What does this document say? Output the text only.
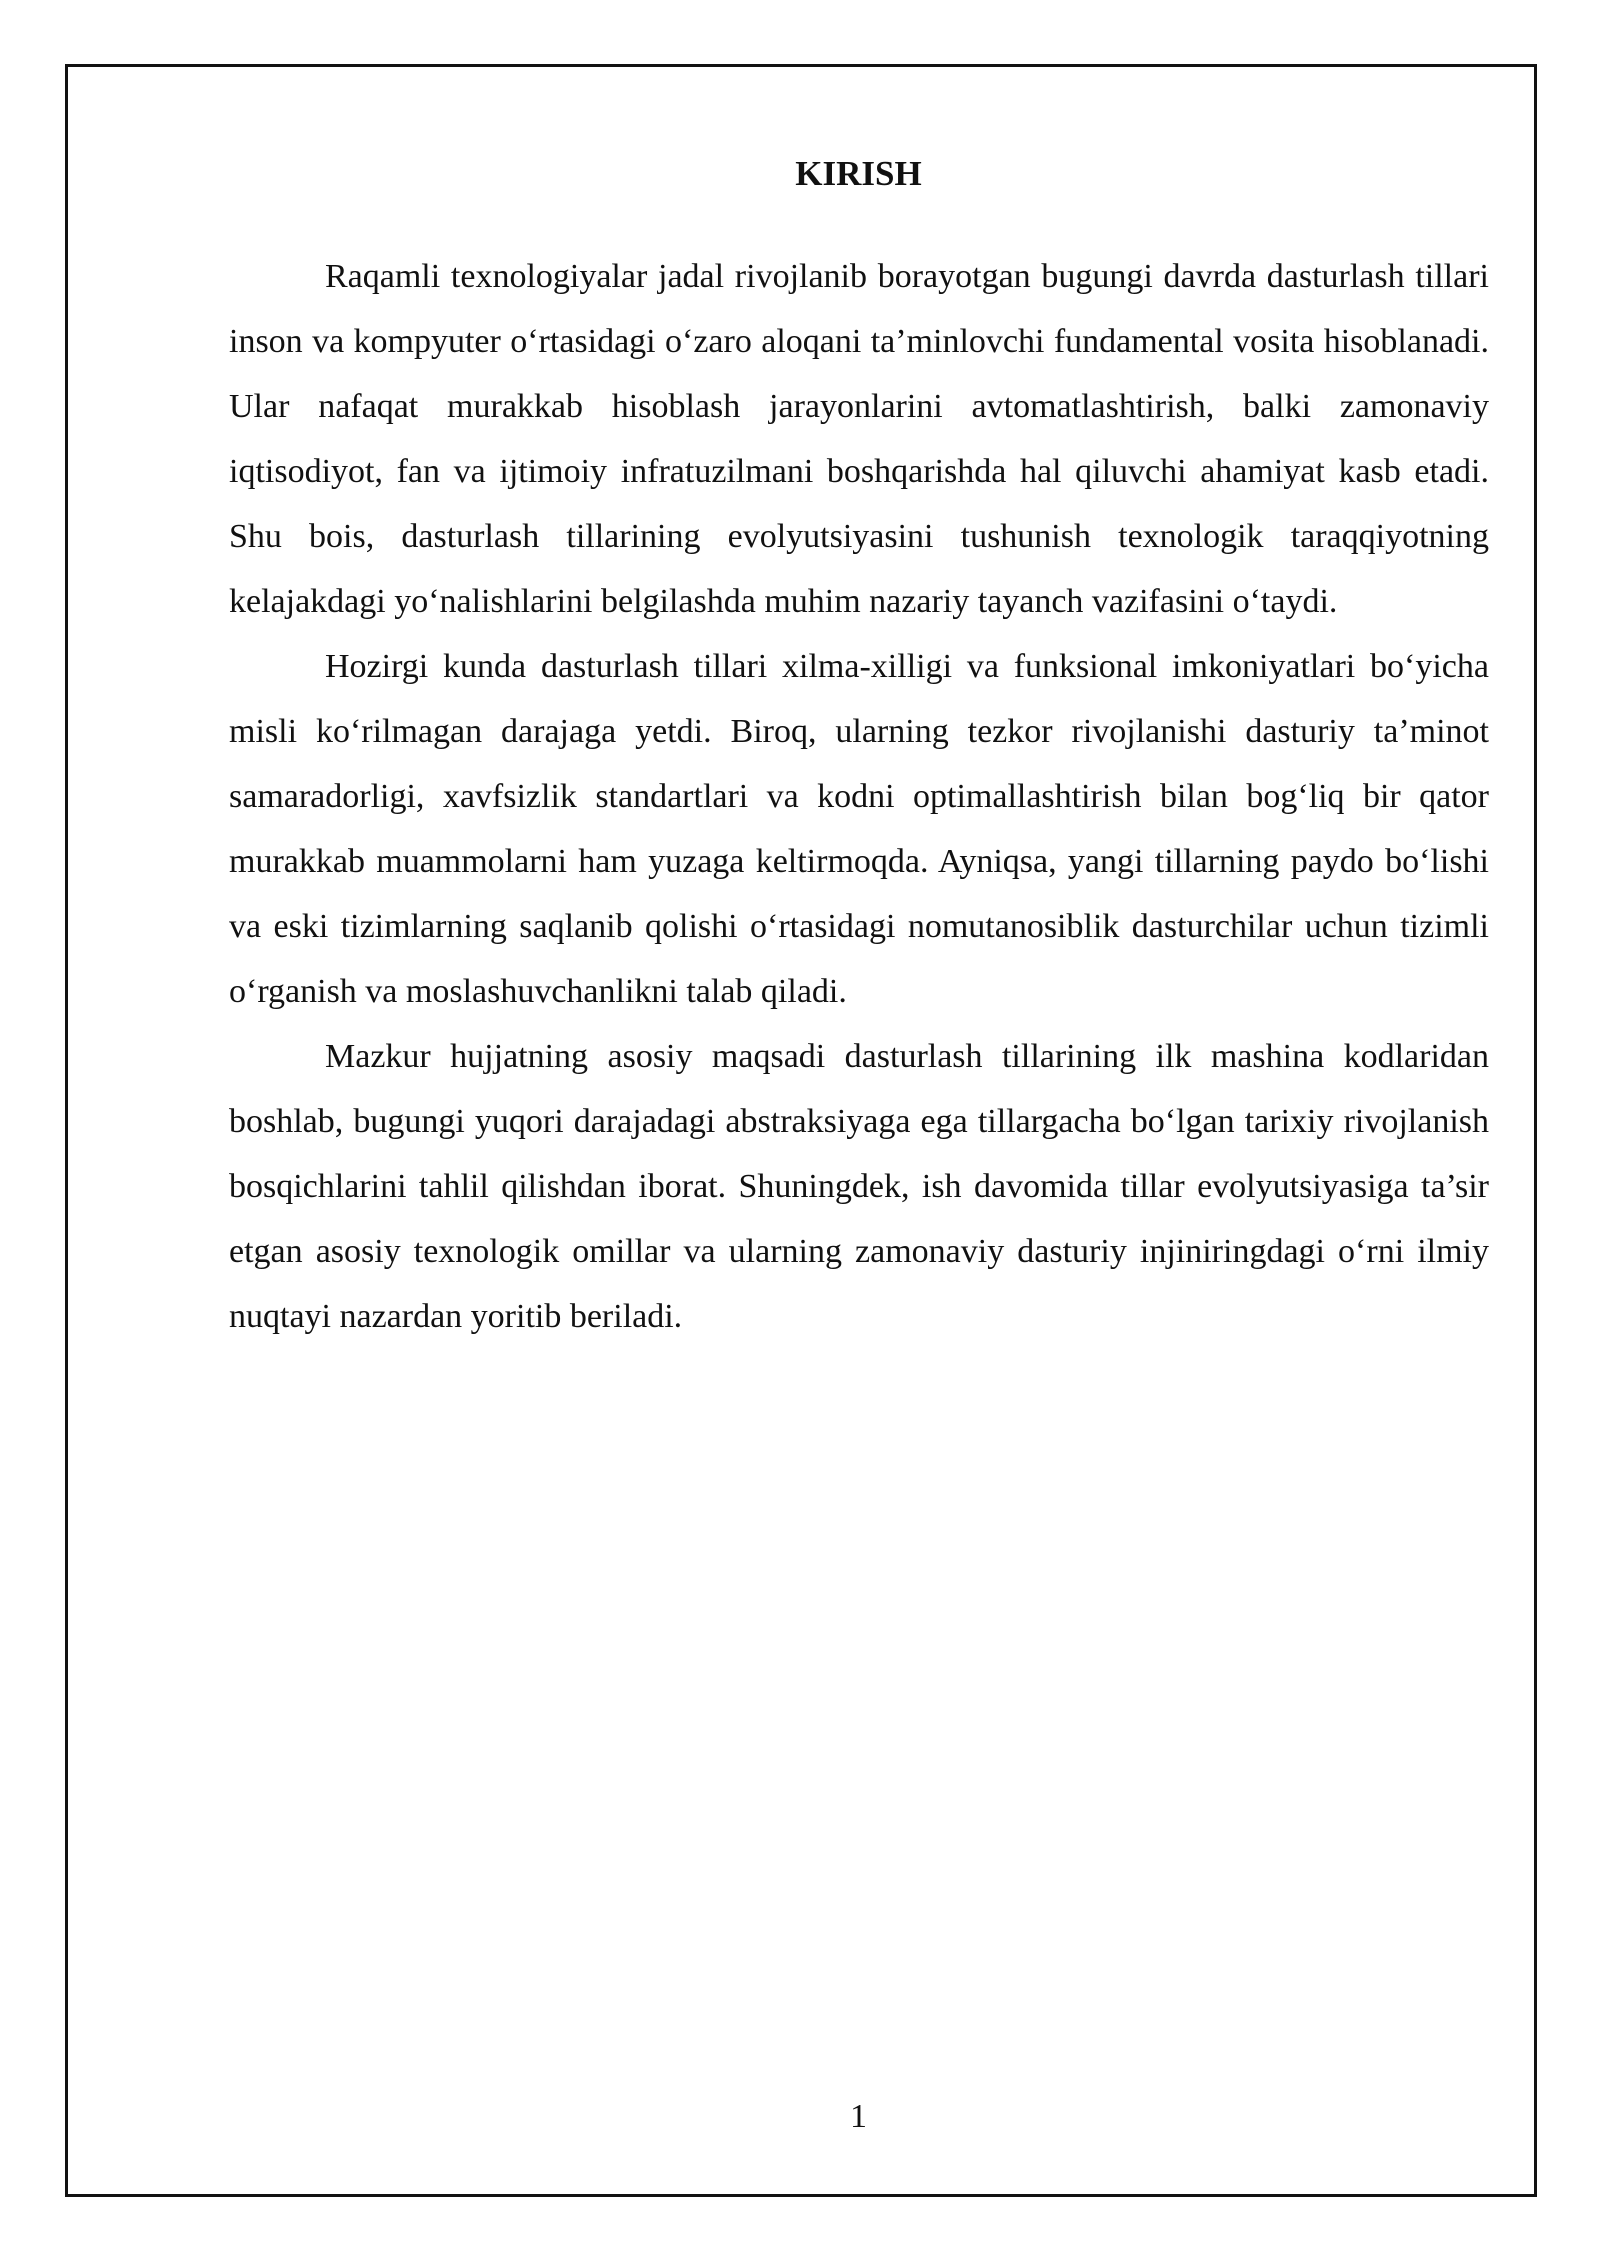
KIRISH

Raqamli texnologiyalar jadal rivojlanib borayotgan bugungi davrda dasturlash tillari inson va kompyuter o‘rtasidagi o‘zaro aloqani ta’minlovchi fundamental vosita hisoblanadi. Ular nafaqat murakkab hisoblash jarayonlarini avtomatlashtirish, balki zamonaviy iqtisodiyot, fan va ijtimoiy infratuzilmani boshqarishda hal qiluvchi ahamiyat kasb etadi. Shu bois, dasturlash tillarining evolyutsiyasini tushunish texnologik taraqqiyotning kelajakdagi yo‘nalishlarini belgilashda muhim nazariy tayanch vazifasini o‘taydi.

Hozirgi kunda dasturlash tillari xilma-xilligi va funksional imkoniyatlari bo‘yicha misli ko‘rilmagan darajaga yetdi. Biroq, ularning tezkor rivojlanishi dasturiy ta’minot samaradorligi, xavfsizlik standartlari va kodni optimallashtirish bilan bog‘liq bir qator murakkab muammolarni ham yuzaga keltirmoqda. Ayniqsa, yangi tillarning paydo bo‘lishi va eski tizimlarning saqlanib qolishi o‘rtasidagi nomutanosiblik dasturchilar uchun tizimli o‘rganish va moslashuvchanlikni talab qiladi.

Mazkur hujjatning asosiy maqsadi dasturlash tillarining ilk mashina kodlaridan boshlab, bugungi yuqori darajadagi abstraksiyaga ega tillargacha bo‘lgan tarixiy rivojlanish bosqichlarini tahlil qilishdan iborat. Shuningdek, ish davomida tillar evolyutsiyasiga ta’sir etgan asosiy texnologik omillar va ularning zamonaviy dasturiy injiniringdagi o‘rni ilmiy nuqtayi nazardan yoritib beriladi.

1
